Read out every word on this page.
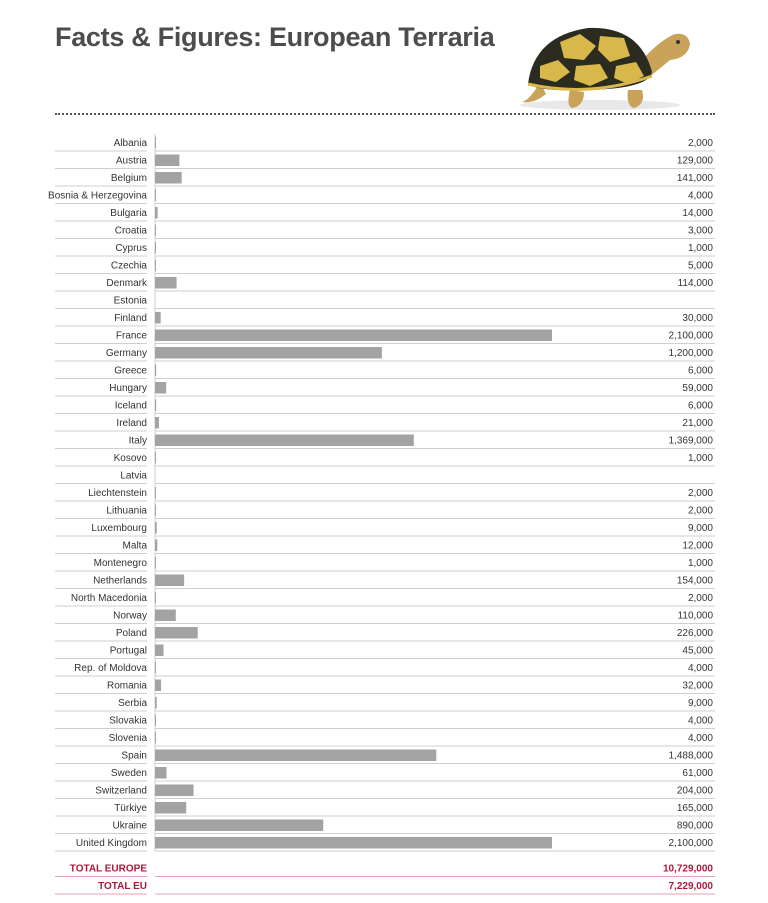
Facts & Figures: European Terraria
Albania	2,000
Austria	129,000
Belgium	141,000
Bosnia & Herzegovina	4,000
Bulgaria	14,000
Croatia	3,000
Cyprus	1,000
Czechia	5,000
Denmark	114,000
Estonia
Finland	30,000
France	2,100,000
Germany	1,200,000
Greece	6,000
Hungary	59,000
Iceland	6,000
Ireland	21,000
Italy	1,369,000
Kosovo	1,000
Latvia
Liechtenstein	2,000
Lithuania	2,000
Luxembourg	9,000
Malta	12,000
Montenegro	1,000
Netherlands	154,000
North Macedonia	2,000
Norway	110,000
Poland	226,000
Portugal	45,000
Rep. of Moldova	4,000
Romania	32,000
Serbia	9,000
Slovakia	4,000
Slovenia	4,000
Spain	1,488,000
Sweden	61,000
Switzerland	204,000
Türkiye	165,000
Ukraine	890,000
United Kingdom	2,100,000
TOTAL EUROPE	10,729,000
TOTAL EU	7,229,000
